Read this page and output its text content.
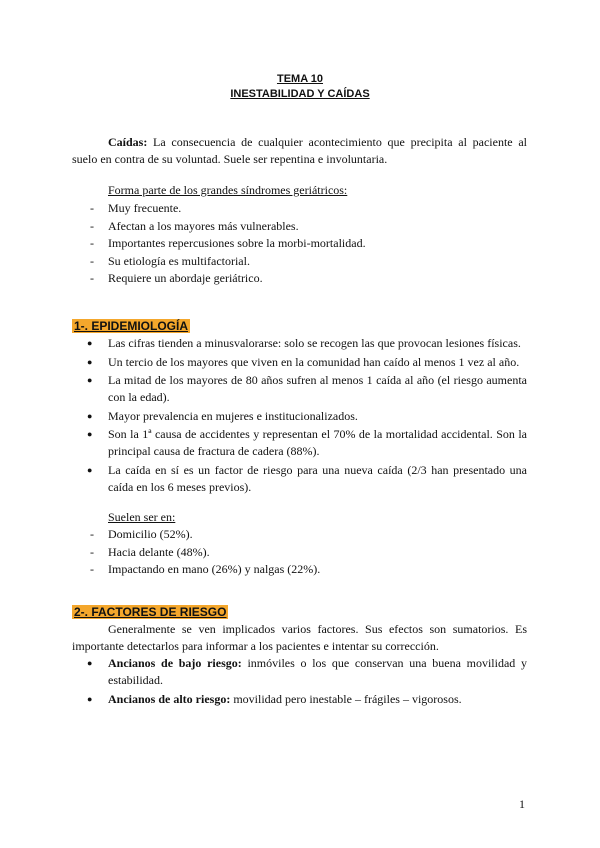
TEMA 10
INESTABILIDAD Y CAÍDAS
Caídas: La consecuencia de cualquier acontecimiento que precipita al paciente al suelo en contra de su voluntad. Suele ser repentina e involuntaria.
Forma parte de los grandes síndromes geriátricos:
- Muy frecuente.
- Afectan a los mayores más vulnerables.
- Importantes repercusiones sobre la morbi-mortalidad.
- Su etiología es multifactorial.
- Requiere un abordaje geriátrico.
1-. EPIDEMIOLOGÍA
● Las cifras tienden a minusvalorarse: solo se recogen las que provocan lesiones físicas.
● Un tercio de los mayores que viven en la comunidad han caído al menos 1 vez al año.
● La mitad de los mayores de 80 años sufren al menos 1 caída al año (el riesgo aumenta con la edad).
● Mayor prevalencia en mujeres e institucionalizados.
● Son la 1ª causa de accidentes y representan el 70% de la mortalidad accidental. Son la principal causa de fractura de cadera (88%).
● La caída en sí es un factor de riesgo para una nueva caída (2/3 han presentado una caída en los 6 meses previos).
Suelen ser en:
- Domicilio (52%).
- Hacia delante (48%).
- Impactando en mano (26%) y nalgas (22%).
2-. FACTORES DE RIESGO
Generalmente se ven implicados varios factores. Sus efectos son sumatorios. Es importante detectarlos para informar a los pacientes e intentar su corrección.
● Ancianos de bajo riesgo: inmóviles o los que conservan una buena movilidad y estabilidad.
● Ancianos de alto riesgo: movilidad pero inestable – frágiles – vigorosos.
1
